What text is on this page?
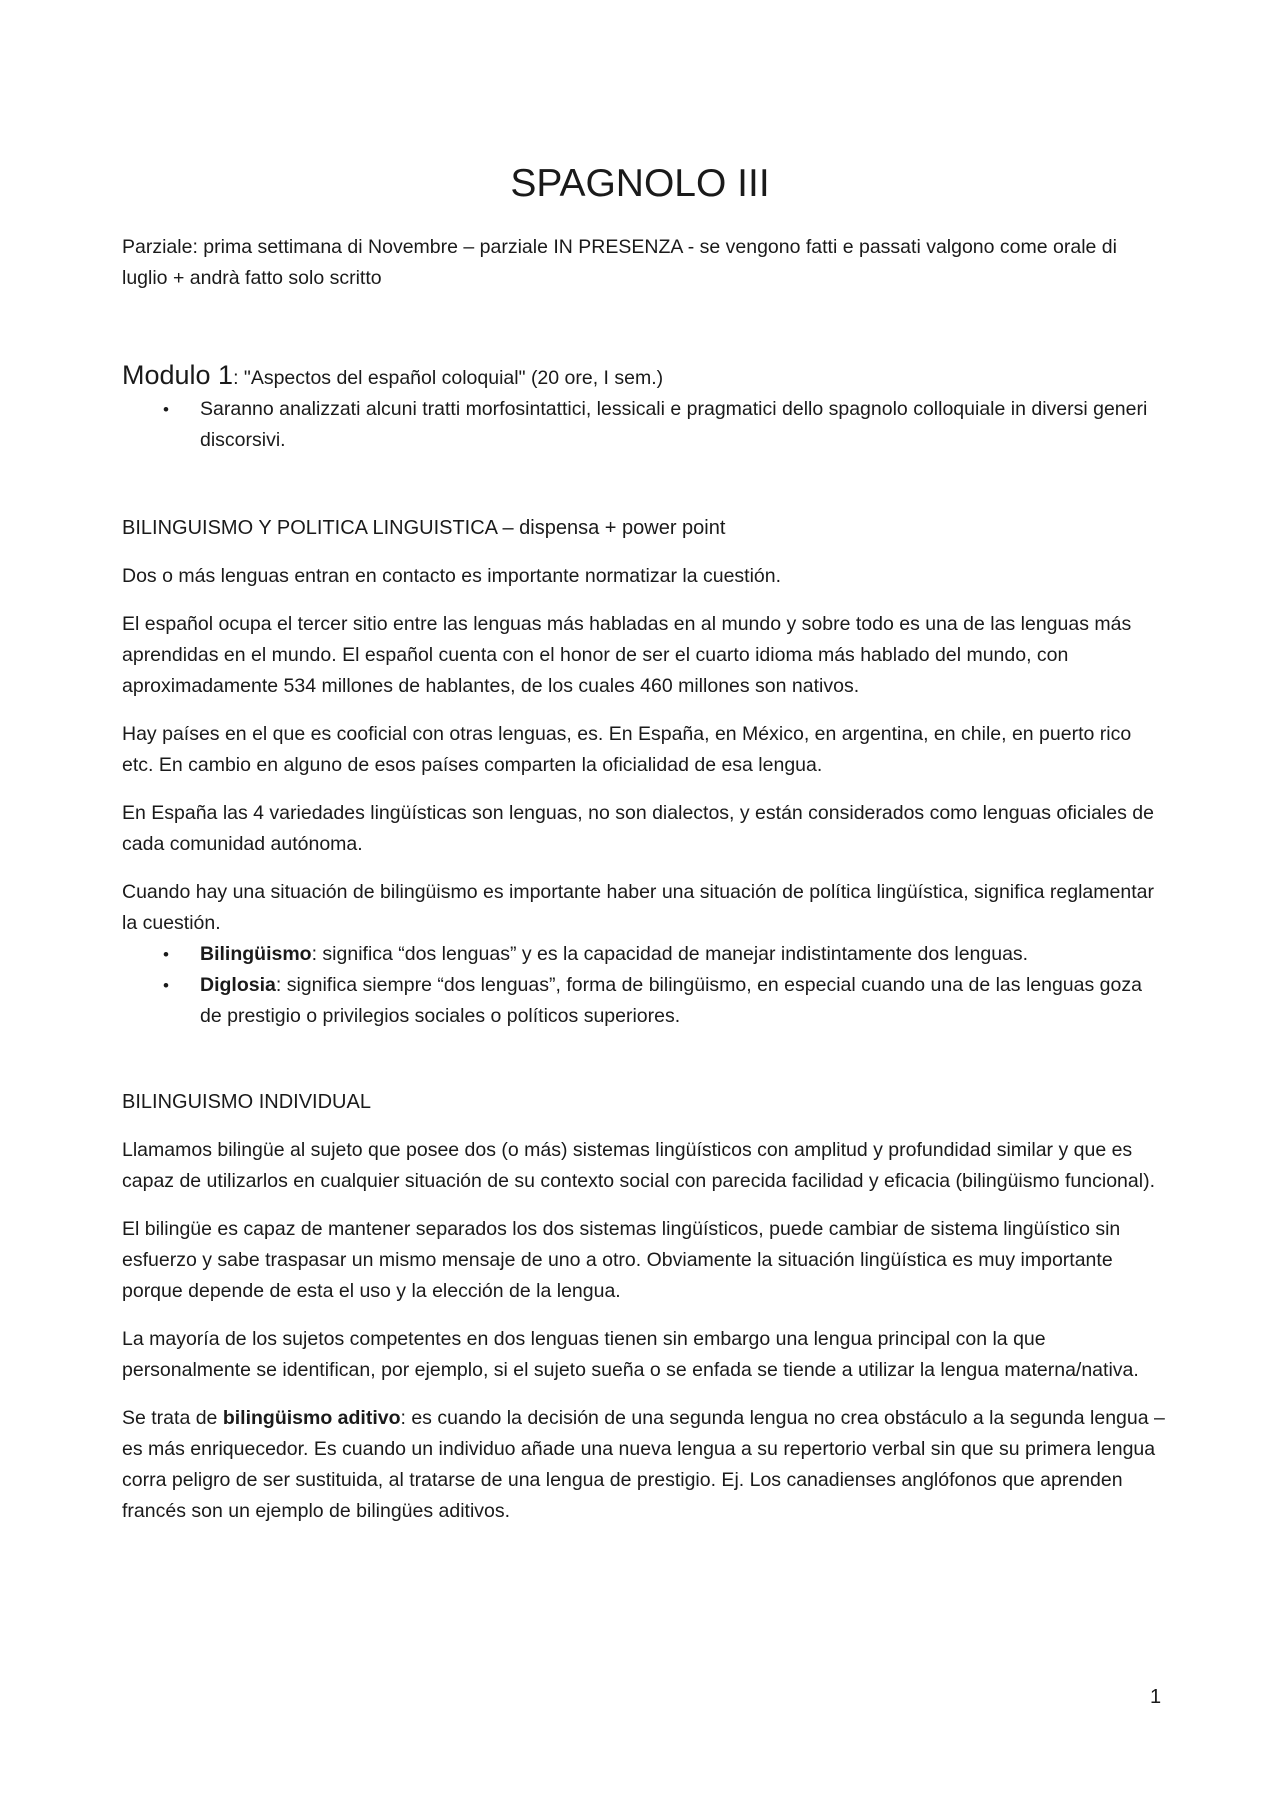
SPAGNOLO III

Parziale: prima settimana di Novembre – parziale IN PRESENZA - se vengono fatti e passati valgono come orale di luglio + andrà fatto solo scritto

Modulo 1: "Aspectos del español coloquial" (20 ore, I sem.)

• Saranno analizzati alcuni tratti morfosintattici, lessicali e pragmatici dello spagnolo colloquiale in diversi generi discorsivi.

BILINGUISMO Y POLITICA LINGUISTICA – dispensa + power point

Dos o más lenguas entran en contacto es importante normatizar la cuestión.

El español ocupa el tercer sitio entre las lenguas más habladas en al mundo y sobre todo es una de las lenguas más aprendidas en el mundo. El español cuenta con el honor de ser el cuarto idioma más hablado del mundo, con aproximadamente 534 millones de hablantes, de los cuales 460 millones son nativos.

Hay países en el que es cooficial con otras lenguas, es. En España, en México, en argentina, en chile, en puerto rico etc. En cambio en alguno de esos países comparten la oficialidad de esa lengua.

En España las 4 variedades lingüísticas son lenguas, no son dialectos, y están considerados como lenguas oficiales de cada comunidad autónoma.

Cuando hay una situación de bilingüismo es importante haber una situación de política lingüística, significa reglamentar la cuestión.

• Bilingüismo: significa “dos lenguas” y es la capacidad de manejar indistintamente dos lenguas.
• Diglosia: significa siempre “dos lenguas”, forma de bilingüismo, en especial cuando una de las lenguas goza de prestigio o privilegios sociales o políticos superiores.

BILINGUISMO INDIVIDUAL

Llamamos bilingüe al sujeto que posee dos (o más) sistemas lingüísticos con amplitud y profundidad similar y que es capaz de utilizarlos en cualquier situación de su contexto social con parecida facilidad y eficacia (bilingüismo funcional).

El bilingüe es capaz de mantener separados los dos sistemas lingüísticos, puede cambiar de sistema lingüístico sin esfuerzo y sabe traspasar un mismo mensaje de uno a otro. Obviamente la situación lingüística es muy importante porque depende de esta el uso y la elección de la lengua.

La mayoría de los sujetos competentes en dos lenguas tienen sin embargo una lengua principal con la que personalmente se identifican, por ejemplo, si el sujeto sueña o se enfada se tiende a utilizar la lengua materna/nativa.

Se trata de bilingüismo aditivo: es cuando la decisión de una segunda lengua no crea obstáculo a la segunda lengua – es más enriquecedor. Es cuando un individuo añade una nueva lengua a su repertorio verbal sin que su primera lengua corra peligro de ser sustituida, al tratarse de una lengua de prestigio. Ej. Los canadienses anglófonos que aprenden francés son un ejemplo de bilingües aditivos.

1
